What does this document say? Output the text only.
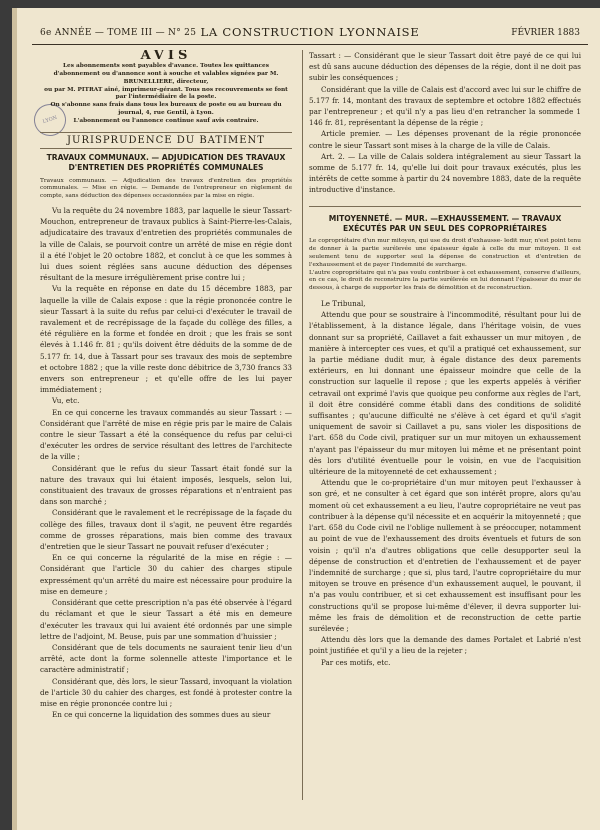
6e ANNÉE — TOME III — N° 25 LA CONSTRUCTION LYONNAISE	FÉVRIER 1883
LYON
AVIS

Les abonnements sont payables d'avance. Toutes les quittances d'abonnement ou d'annonce sont à souche et valables signées par M. BRUNELLIERE, directeur,

ou par M. PITRAT aîné, imprimeur-gérant. Tous nos recouvrements se font par l'intermédiaire de la poste.

On s'abonne sans frais dans tous les bureaux de poste ou au bureau du journal, 4, rue Gentil, à Lyon.

L'abonnement ou l'annonce continue sauf avis contraire.

JURISPRUDENCE DU BATIMENT
TRAVAUX COMMUNAUX. — ADJUDICATION DES TRAVAUX D'ENTRETIEN DES PROPRIÉTÉS COMMUNALES

Travaux communaux. — Adjudication des travaux d'entretien des propriétés communales. — Mise en régie. — Demande de l'entrepreneur en règlement de compte, sans déduction des dépenses occasionnées par la mise en régie.

Vu la requête du 24 novembre 1883, par laquelle le sieur Tassart-Mouchon, entrepreneur de travaux publics à Saint-Pierre-les-Calais, adjudicataire des travaux d'entretien des propriétés communales de la ville de Calais, se pourvoit contre un arrêté de mise en régie dont il a été l'objet le 20 octobre 1882, et conclut à ce que les sommes à lui dues soient réglées sans aucune déduction des dépenses résultant de la mesure irrégulièrement prise contre lui ;

Vu la requête en réponse en date du 15 décembre 1883, par laquelle la ville de Calais expose : que la régie prononcée contre le sieur Tassart à la suite du refus par celui-ci d'exécuter le travail de ravalement et de recrépissage de la façade du collège des filles, a été régulière en la forme et fondée en droit ; que les frais se sont élevés à 1.146 fr. 81 ; qu'ils doivent être déduits de la somme de de 5.177 fr. 14, due à Tassart pour ses travaux des mois de septembre et octobre 1882 ; que la ville reste donc débitrice de 3,730 francs 33 envers son entrepreneur ; et qu'elle offre de les lui payer immédiatement ;

Vu, etc.

En ce qui concerne les travaux commandés au sieur Tassart : — Considérant que l'arrêté de mise en régie pris par le maire de Calais contre le sieur Tassart a été la conséquence du refus par celui-ci d'exécuter les ordres de service résultant des lettres de l'architecte de la ville ;

Considérant que le refus du sieur Tassart était fondé sur la nature des travaux qui lui étaient imposés, lesquels, selon lui, constituaient des travaux de grosses réparations et n'entraient pas dans son marché ;

Considérant que le ravalement et le recrépissage de la façade du collège des filles, travaux dont il s'agit, ne peuvent être regardés comme de grosses réparations, mais bien comme des travaux d'entretien que le sieur Tassart ne pouvait refuser d'exécuter ;

En ce qui concerne la régularité de la mise en régie : — Considérant que l'article 30 du cahier des charges stipule expressément qu'un arrêté du maire est nécessaire pour produire la mise en demeure ;

Considérant que cette prescription n'a pas été observée à l'égard du réclamant et que le sieur Tassart a été mis en demeure d'exécuter les travaux qui lui avaient été ordonnés par une simple lettre de l'adjoint, M. Beuse, puis par une sommation d'huissier ;

Considérant que de tels documents ne sauraient tenir lieu d'un arrêté, acte dont la forme solennelle atteste l'importance et le caractère administratif ;

Considérant que, dès lors, le sieur Tassard, invoquant la violation de l'article 30 du cahier des charges, est fondé à protester contre la mise en régie prononcée contre lui ;

En ce qui concerne la liquidation des sommes dues au sieur

Tassart : — Considérant que le sieur Tassart doit être payé de ce qui lui est dû sans aucune déduction des dépenses de la régie, dont il ne doit pas subir les conséquences ;

Considérant que la ville de Calais est d'accord avec lui sur le chiffre de 5.177 fr. 14, montant des travaux de septembre et octobre 1882 effectués par l'entrepreneur ; et qu'il n'y a pas lieu d'en retrancher la sommede 1 146 fr. 81, représentant la dépense de la régie ;

Article premier. — Les dépenses provenant de la régie prononcée contre le sieur Tassart sont mises à la charge de la ville de Calais.

Art. 2. — La ville de Calais soldera intégralement au sieur Tassart la somme de 5.177 fr. 14, qu'elle lui doit pour travaux exécutés, plus les intérêts de cette somme à partir du 24 novembre 1883, date de la requête introductive d'instance.

MITOYENNETÉ. — MUR. —EXHAUSSEMENT. — TRAVAUX EXÉCUTÉS PAR UN SEUL DES COPROPRIÉTAIRES

Le copropriétaire d'un mur mitoyen, qui use du droit d'exhausse- ledit mur, n'est point tenu de donner à la partie surélevée une épaisseur égale à celle du mur mitoyen. Il est seulement tenu de supporter seul la dépense de construction et d'entretien de l'exhaussement et de payer l'indemnité de surcharge.

L'autre copropriétaire qui n'a pas voulu contribuer à cet exhaussement, conserve d'ailleurs, en ce cas, le droit de reconstruire la partie surélevée en lui donnant l'épaisseur du mur de dessous, à charge de supporter les frais de démolition et de reconstruction.

Le Tribunal,

Attendu que pour se soustraire à l'incommodité, résultant pour lui de l'établissement, à la distance légale, dans l'héritage voisin, de vues donnant sur sa propriété, Caillavet a fait exhausser un mur mitoyen , de manière à intercepter ces vues, et qu'il a pratiqué cet exhaussement, sur la partie médiane dudit mur, à égale distance des deux parements extérieurs, en lui donnant une épaisseur moindre que celle de la construction sur laquelle il repose ; que les experts appelés à vérifier cetravail ont exprimé l'avis que quoique peu conforme aux règles de l'art, il doit être considéré comme établi dans des conditions de solidité suffisantes ; qu'aucune difficulté ne s'élève à cet égard et qu'il s'agit uniquement de savoir si Caillavet a pu, sans violer les dispositions de l'art. 658 du Code civil, pratiquer sur un mur mitoyen un exhaussement n'ayant pas l'épaisseur du mur mitoyen lui même et ne présentant point dès lors d'utilité éventuelle pour le voisin, en vue de l'acquisition ultérieure de la mitoyenneté de cet exhaussement ;

Attendu que le co-propriétaire d'un mur mitoyen peut l'exhausser à son gré, et ne consulter à cet égard que son intérêt propre, alors qu'au moment où cet exhaussement a eu lieu, l'autre copropriétaire ne veut pas contribuer à la dépense qu'il nécessite et en acquérir la mitoyenneté ; que l'art. 658 du Code civil ne l'oblige nullement à se préoccuper, notamment au point de vue de l'exhaussement des droits éventuels et futurs de son voisin ; qu'il n'a d'autres obligations que celle desupporter seul la dépense de construction et d'entretien de l'exhaussement et de payer l'indemnité de surcharge ; que si, plus tard, l'autre copropriétaire du mur mitoyen se trouve en présence d'un exhaussement auquel, le pouvant, il n'a pas voulu contribuer, et si cet exhaussement est insuffisant pour les constructions qu'il se propose lui-même d'élever, il devra supporter lui-même les frais de démolition et de reconstruction de cette partie surélevée ;

Attendu dès lors que la demande des dames Portalet et Labrié n'est point justifiée et qu'il y a lieu de la rejeter ;

Par ces motifs, etc.
